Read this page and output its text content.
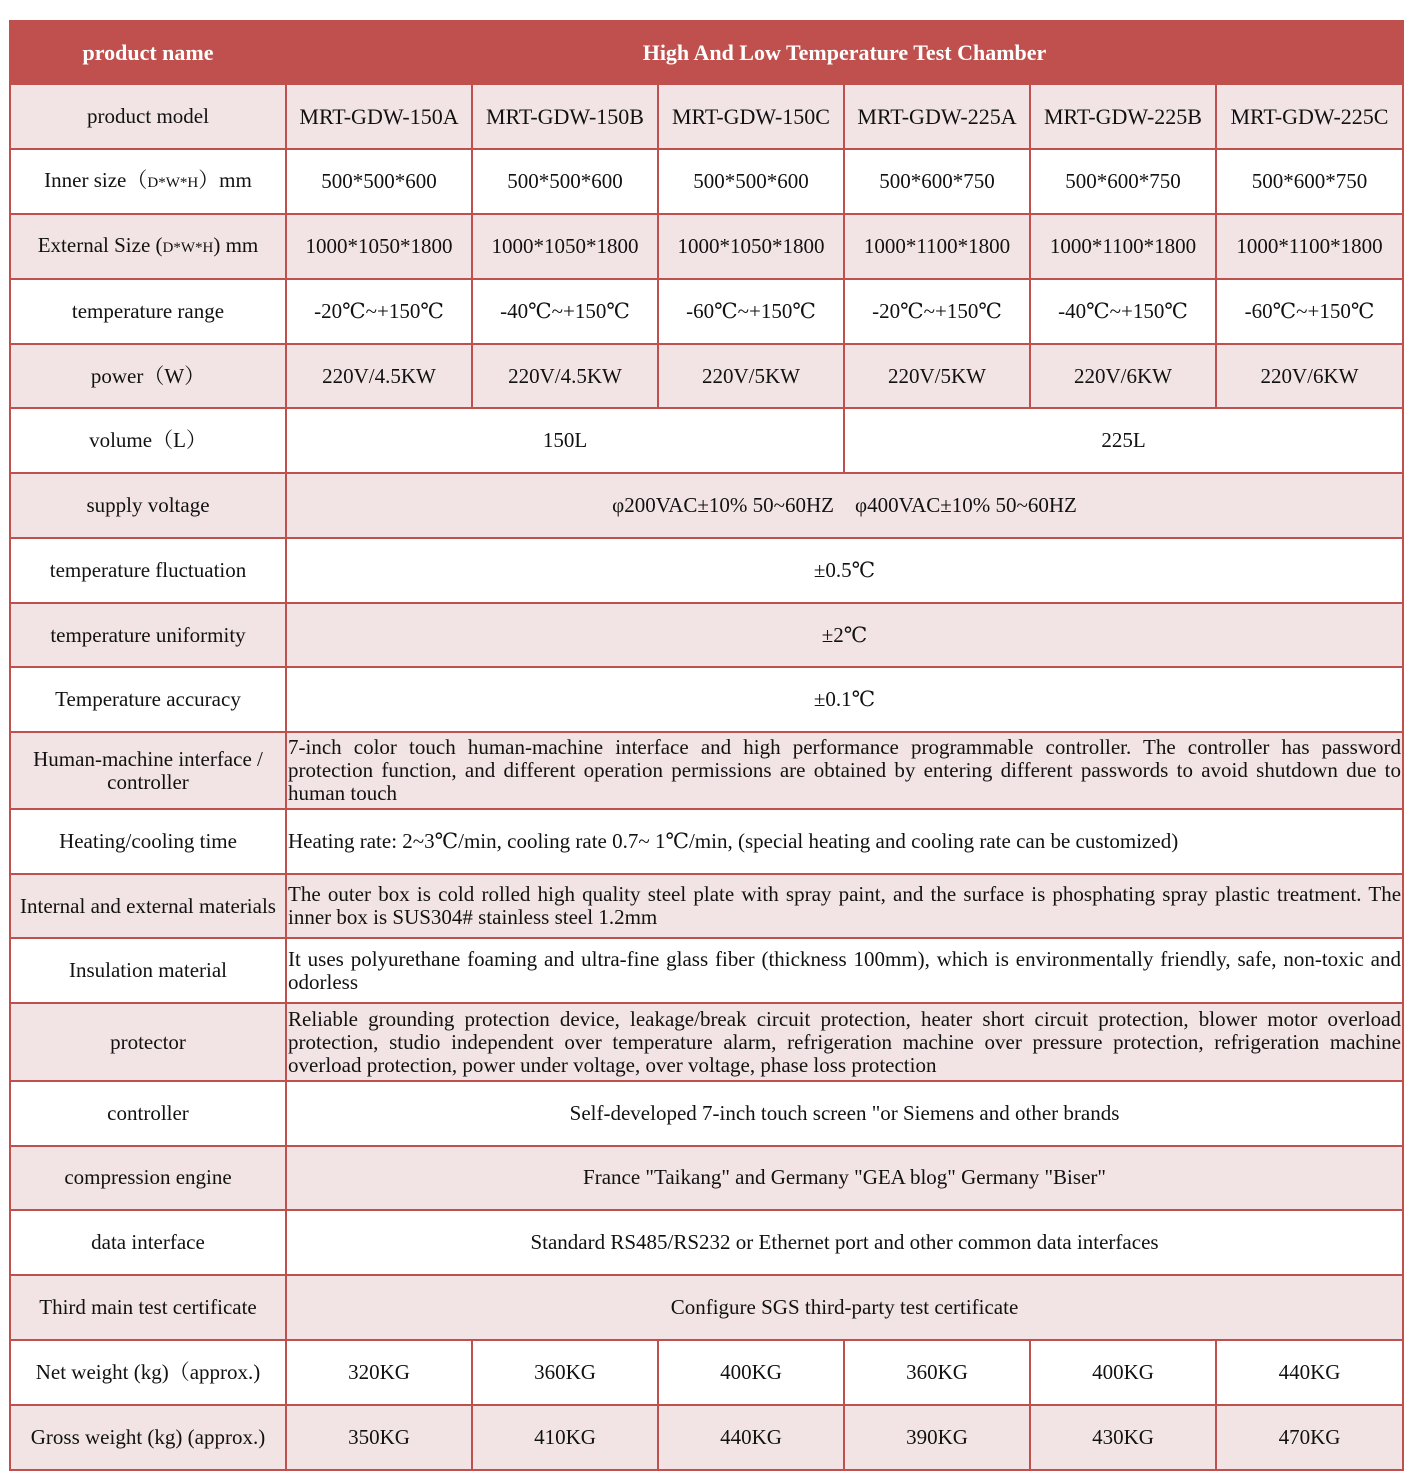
product name	High And Low Temperature Test Chamber					
product model	MRT-GDW-150A	MRT-GDW-150B	MRT-GDW-150C	MRT-GDW-225A	MRT-GDW-225B	MRT-GDW-225C
Inner size（D*W*H）mm	500*500*600	500*500*600	500*500*600	500*600*750	500*600*750	500*600*750
External Size (D*W*H) mm	1000*1050*1800	1000*1050*1800	1000*1050*1800	1000*1100*1800	1000*1100*1800	1000*1100*1800
temperature range	-20℃~+150℃	-40℃~+150℃	-60℃~+150℃	-20℃~+150℃	-40℃~+150℃	-60℃~+150℃
power（W）	220V/4.5KW	220V/4.5KW	220V/5KW	220V/5KW	220V/6KW	220V/6KW
volume（L）	150L			225L		
supply voltage	φ200VAC±10% 50~60HZ　φ400VAC±10% 50~60HZ					
temperature fluctuation	±0.5℃					
temperature uniformity	±2℃					
Temperature accuracy	±0.1℃					
Human-machine interface / controller	7-inch color touch human-machine interface and high performance programmable controller. The controller has password protection function, and different operation permissions are obtained by entering different passwords to avoid shutdown due to human touch					
Heating/cooling time	Heating rate: 2~3℃/min, cooling rate 0.7~ 1℃/min, (special heating and cooling rate can be customized)					
Internal and external materials	The outer box is cold rolled high quality steel plate with spray paint, and the surface is phosphating spray plastic treatment. The inner box is SUS304# stainless steel 1.2mm					
Insulation material	It uses polyurethane foaming and ultra-fine glass fiber (thickness 100mm), which is environmentally friendly, safe, non-toxic and odorless					
protector	Reliable grounding protection device, leakage/break circuit protection, heater short circuit protection, blower motor overload protection, studio independent over temperature alarm, refrigeration machine over pressure protection, refrigeration machine overload protection, power under voltage, over voltage, phase loss protection					
controller	Self-developed 7-inch touch screen "or Siemens and other brands					
compression engine	France "Taikang" and Germany "GEA blog" Germany "Biser"					
data interface	Standard RS485/RS232 or Ethernet port and other common data interfaces					
Third main test certificate	Configure SGS third-party test certificate					
Net weight (kg)（approx.)	320KG	360KG	400KG	360KG	400KG	440KG
Gross weight (kg) (approx.)	350KG	410KG	440KG	390KG	430KG	470KG
